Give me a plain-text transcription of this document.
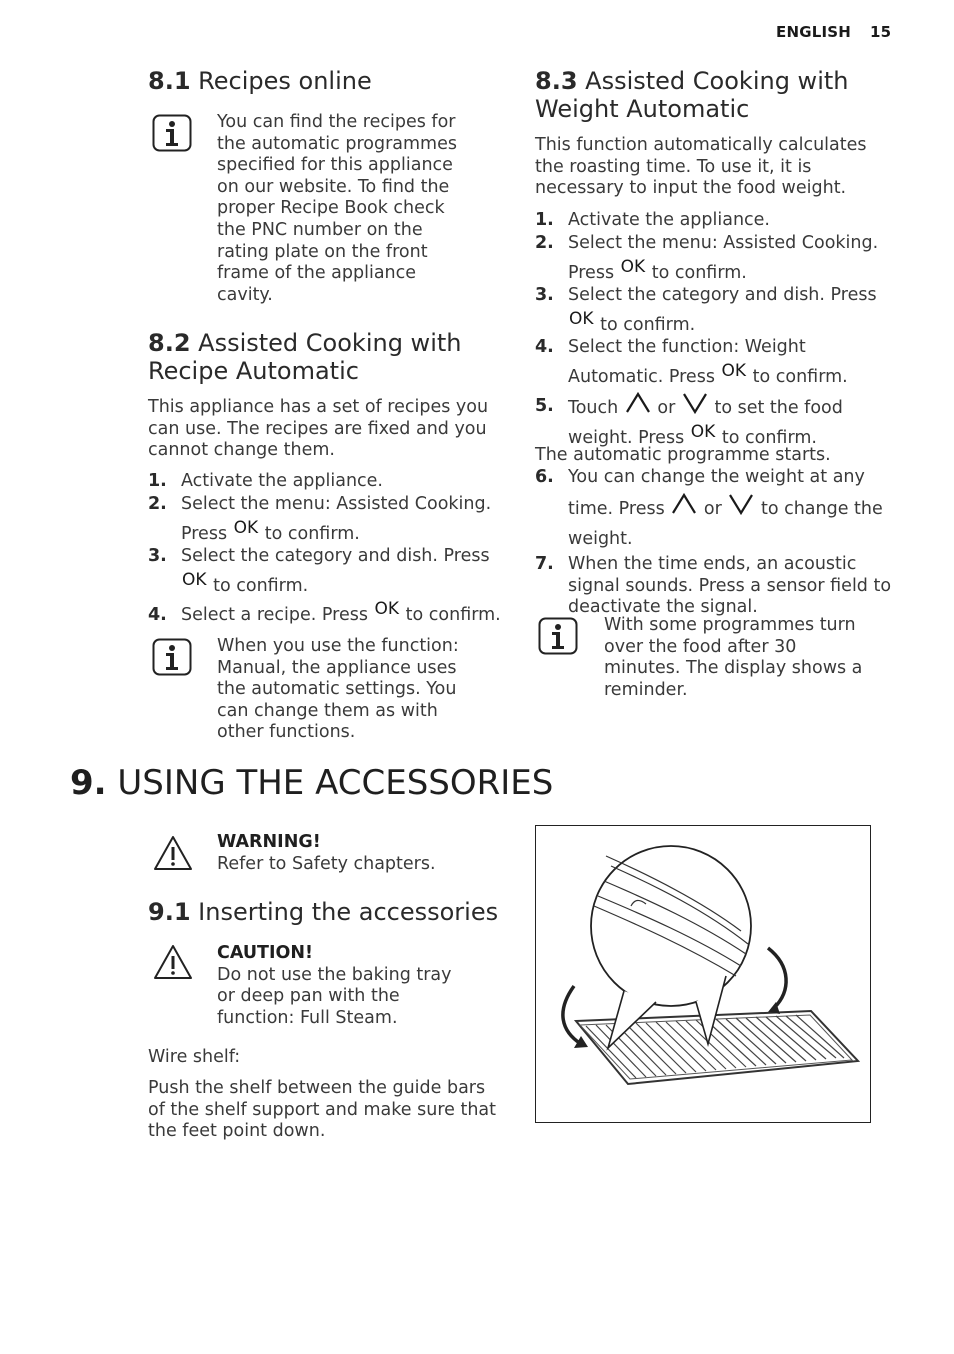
ENGLISH 15
8.1 Recipes online
You can find the recipes for the automatic programmes specified for this appliance on our website. To find the proper Recipe Book check the PNC number on the rating plate on the front frame of the appliance cavity.
8.2 Assisted Cooking with Recipe Automatic

This appliance has a set of recipes you can use. The recipes are fixed and you cannot change them.

1. Activate the appliance.
2. Select the menu: Assisted Cooking.
Press OK to confirm.
3. Select the category and dish. Press
OK to confirm.
4. Select a recipe. Press OK to confirm.
When you use the function: Manual, the appliance uses the automatic settings. You can change them as with other functions.
8.3 Assisted Cooking with Weight Automatic

This function automatically calculates the roasting time. To use it, it is necessary to input the food weight.

1. Activate the appliance.
2. Select the menu: Assisted Cooking.
Press OK to confirm.
3. Select the category and dish. Press
OK to confirm.
4. Select the function: Weight
Automatic. Press OK to confirm.
5. Touch or to set the food
weight. Press OK to confirm.

The automatic programme starts.

6. You can change the weight at any
time. Press or to change the
weight.
7. When the time ends, an acoustic signal sounds. Press a sensor field to deactivate the signal.
With some programmes turn over the food after 30 minutes. The display shows a reminder.
9. USING THE ACCESSORIES
WARNING!
Refer to Safety chapters.
9.1 Inserting the accessories
CAUTION!
Do not use the baking tray or deep pan with the function: Full Steam.

Wire shelf:

Push the shelf between the guide bars of the shelf support and make sure that the feet point down.
